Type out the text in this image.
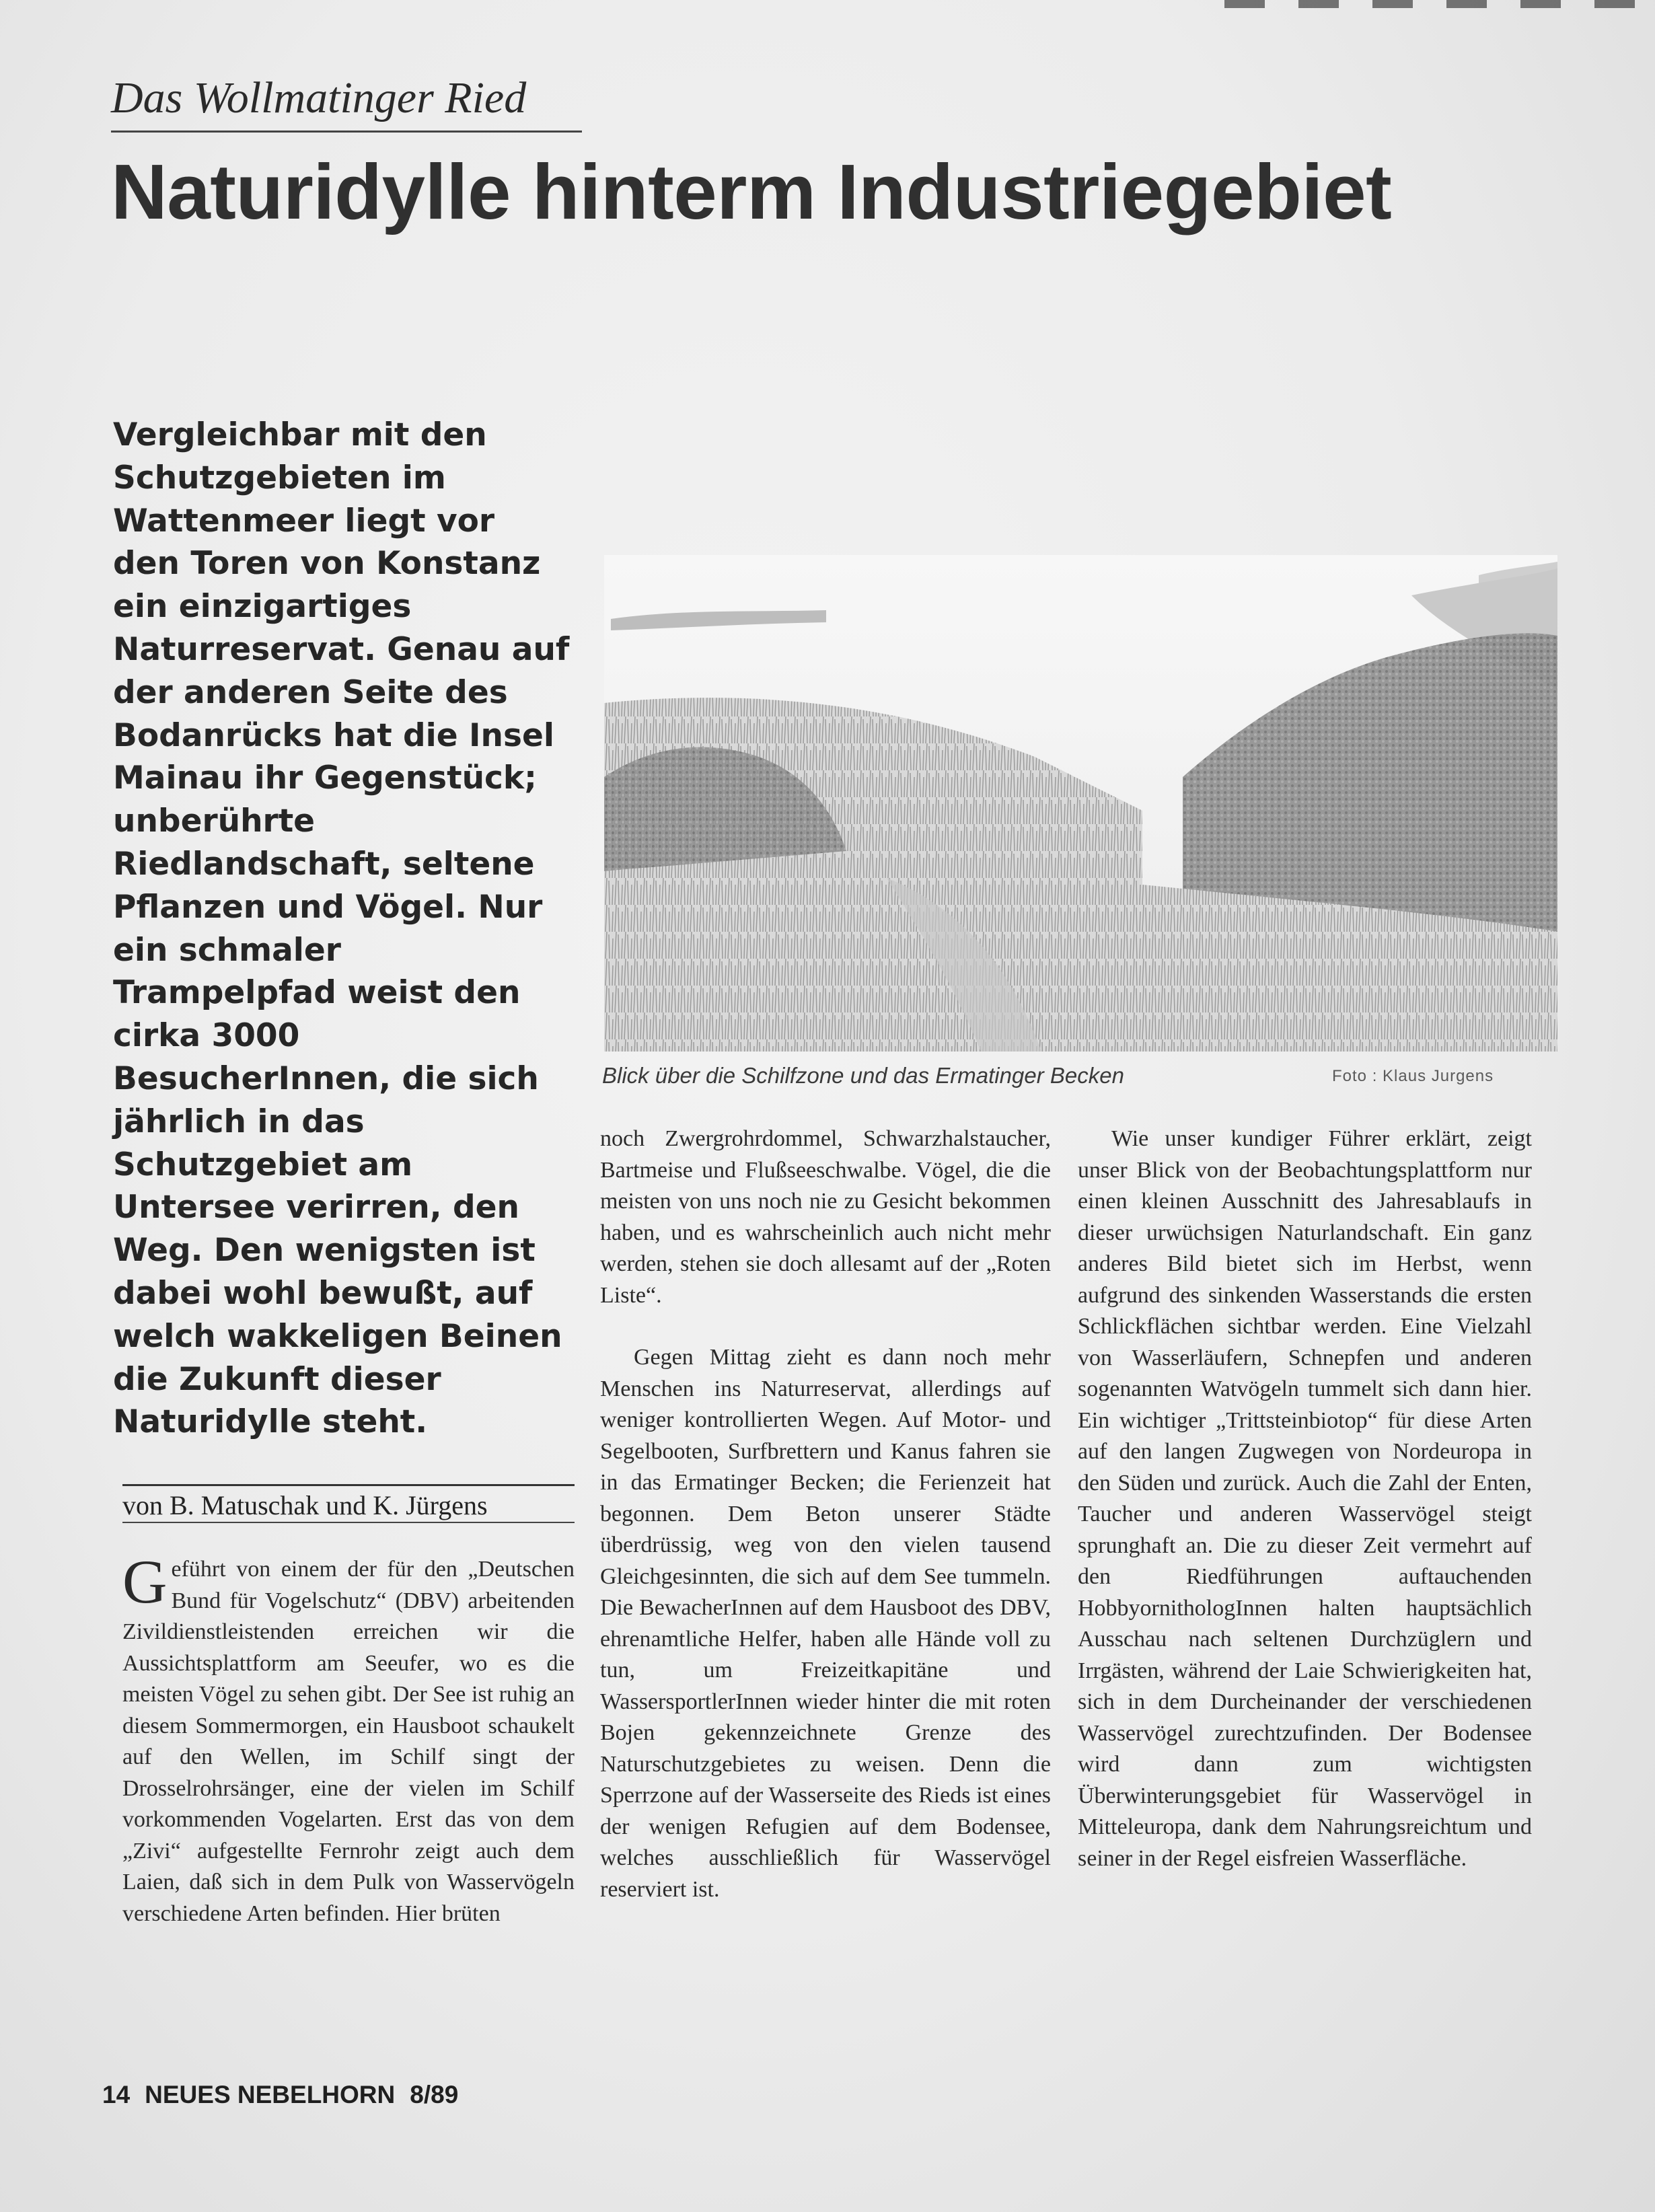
Das Wollmatinger Ried
Naturidylle hinterm Industriegebiet
Vergleichbar mit den Schutzgebieten im Wattenmeer liegt vor den Toren von Konstanz ein einzigartiges Naturreservat. Genau auf der anderen Seite des Bodanrücks hat die Insel Mainau ihr Gegenstück; unberührte Riedlandschaft, seltene Pflanzen und Vögel. Nur ein schmaler Trampelpfad weist den cirka 3000 BesucherInnen, die sich jährlich in das Schutzgebiet am Untersee verirren, den Weg. Den wenigsten ist dabei wohl bewußt, auf welch wakkeligen Beinen die Zukunft dieser Naturidylle steht.
Blick über die Schilfzone und das Ermatinger Becken	Foto : Klaus Jurgens
von B. Matuschak und K. Jürgens

Geführt von einem der für den „Deutschen Bund für Vogelschutz“ (DBV) arbeitenden Zivildienstleistenden erreichen wir die Aussichtsplattform am Seeufer, wo es die meisten Vögel zu sehen gibt. Der See ist ruhig an diesem Sommermorgen, ein Hausboot schaukelt auf den Wellen, im Schilf singt der Drosselrohrsänger, eine der vielen im Schilf vorkommenden Vogelarten. Erst das von dem „Zivi“ aufgestellte Fernrohr zeigt auch dem Laien, daß sich in dem Pulk von Wasservögeln verschiedene Arten befinden. Hier brüten

noch Zwergrohrdommel, Schwarzhalstaucher, Bartmeise und Flußseeschwalbe. Vögel, die die meisten von uns noch nie zu Gesicht bekommen haben, und es wahrscheinlich auch nicht mehr werden, stehen sie doch allesamt auf der „Roten Liste“.

Gegen Mittag zieht es dann noch mehr Menschen ins Naturreservat, allerdings auf weniger kontrollierten Wegen. Auf Motor- und Segelbooten, Surfbrettern und Kanus fahren sie in das Ermatinger Becken; die Ferienzeit hat begonnen. Dem Beton unserer Städte überdrüssig, weg von den vielen tausend Gleichgesinnten, die sich auf dem See tummeln. Die BewacherInnen auf dem Hausboot des DBV, ehrenamtliche Helfer, haben alle Hände voll zu tun, um Freizeitkapitäne und WassersportlerInnen wieder hinter die mit roten Bojen gekennzeichnete Grenze des Naturschutzgebietes zu weisen. Denn die Sperrzone auf der Wasserseite des Rieds ist eines der wenigen Refugien auf dem Bodensee, welches ausschließlich für Wasservögel reserviert ist.

Wie unser kundiger Führer erklärt, zeigt unser Blick von der Beobachtungsplattform nur einen kleinen Ausschnitt des Jahresablaufs in dieser urwüchsigen Naturlandschaft. Ein ganz anderes Bild bietet sich im Herbst, wenn aufgrund des sinkenden Wasserstands die ersten Schlickflächen sichtbar werden. Eine Vielzahl von Wasserläufern, Schnepfen und anderen sogenannten Watvögeln tummelt sich dann hier. Ein wichtiger „Trittsteinbiotop“ für diese Arten auf den langen Zugwegen von Nordeuropa in den Süden und zurück. Auch die Zahl der Enten, Taucher und anderen Wasservögel steigt sprunghaft an. Die zu dieser Zeit vermehrt auf den Riedführungen auftauchenden HobbyornithologInnen halten hauptsächlich Ausschau nach seltenen Durchzüglern und Irrgästen, während der Laie Schwierigkeiten hat, sich in dem Durcheinander der verschiedenen Wasservögel zurechtzufinden. Der Bodensee wird dann zum wichtigsten Überwinterungsgebiet für Wasservögel in Mitteleuropa, dank dem Nahrungsreichtum und seiner in der Regel eisfreien Wasserfläche.

14 NEUES NEBELHORN 8/89
